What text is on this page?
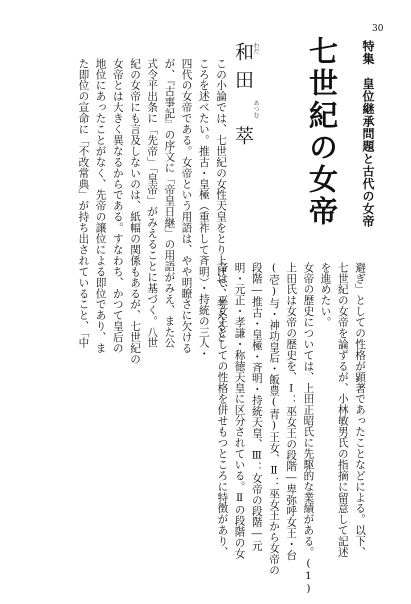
30
特集　皇位継承問題と古代の女帝
七世紀の女帝
和田　萃
わだ
あつむ
この小論では、七世紀の女性天皇をとり上げて、考えると
ころを述べたい。推古・皇極（重祚して斉明）・持統の三人・
四代の女帝である。女帝という用語は、やや明瞭さに欠ける
が、『古事記』の序文に「帝皇日継」の用語がみえ、また公
式令平出条に「先帝」「皇帝」がみえることに基づく。八世
紀の女帝にも言及しないのは、紙幅の関係もあるが、七世紀の
女帝とは大きく異なるからである。すなわち、かつて皇后の
地位にあったことがなく、先帝の譲位による即位であり、ま
た即位の宣命に「不改常典」が持ち出されていること、「中
避ぎ」としての性格が顕著であったことなどによる。以下、
七世紀の女帝を論ずるが、小林敏男氏の指摘に留意して記述
を進めたい。
女帝の歴史については、上田正昭氏に先駆的な業績がある。(1)
上田氏は女帝の歴史を、Ⅰ：巫女王の段階―卑弥呼女王・台
(壱)与・神功皇后・飯豊(青)王女、Ⅱ：巫女王から女帝の
段階―推古・皇極・斉明・持統天皇、Ⅲ：女帝の段階―元
明・元正・孝謙・称徳天皇に区分されている。Ⅱの段階の女
帝は、巫女王としての性格を併せもつところに特徴があり、
